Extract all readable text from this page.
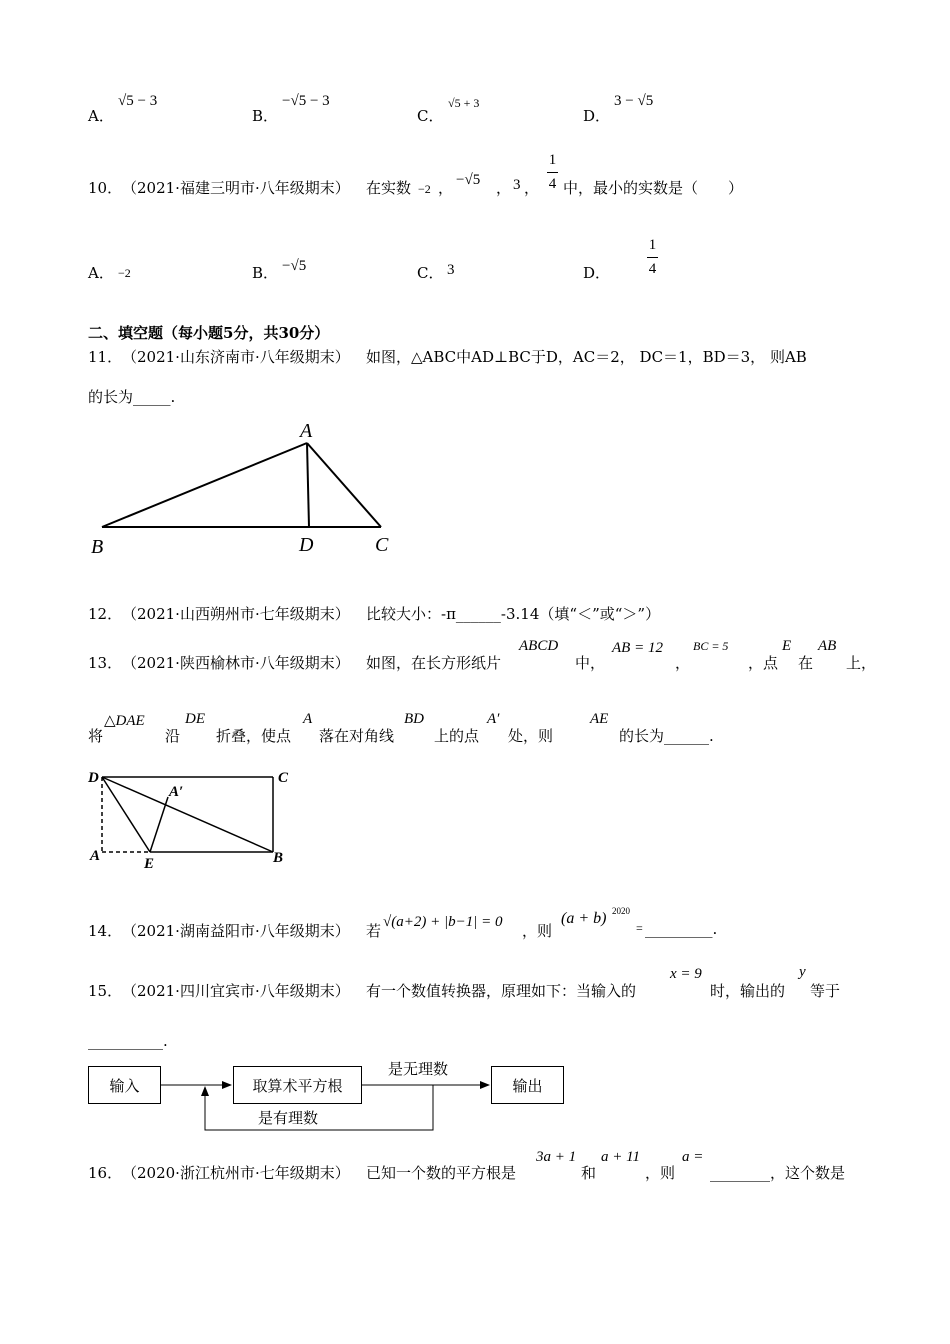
A．
√5 − 3
B．
−√5 − 3
C．
√5 + 3
D．
3 − √5
10． （2021·福建三明市·八年级期末） 在实数 −2 ， −√5 ， 3 ，
1
4 中，最小的实数是（　　）
A． −2	B． −√5	C． 3	D．
1
4
二、填空题（每小题5分，共30分）
11． （2021·山东济南市·八年级期末） 如图，△ABC中AD⊥BC于D，AC＝2， DC＝1，BD＝3， 则AB
的长为_____.
A
B	D	C
12． （2021·山西朔州市·七年级期末） 比较大小：-π______-3.14（填“＜”或“＞”）
13． （2021·陕西榆林市·八年级期末） 如图，在长方形纸片
ABCD
中，
AB = 12
，
BC = 5
，点
E
在
AB
上，
将
△DAE
沿
DE
折叠，使点
A
落在对角线
BD
上的点
A′
处，则
AE
的长为______.
D	C
A	B
E
A′
14． （2021·湖南益阳市·八年级期末） 若 √(a+2) + |b−1| = 0 ，则
(a + b) 2020
= _________.
15． （2021·四川宜宾市·八年级期末） 有一个数值转换器，原理如下：当输入的
x = 9
时，输出的
y
等于
__________.
输入	取算术平方根	输出
是无理数
是有理数
16． （2020·浙江杭州市·七年级期末） 已知一个数的平方根是
3a + 1
和
a + 11
，则
a =
________，这个数是
